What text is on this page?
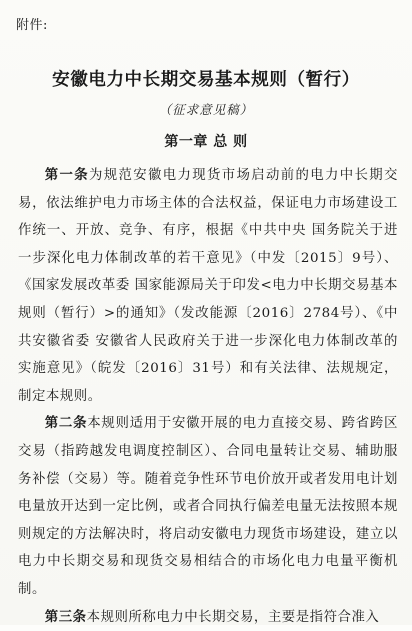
附件:
安徽电力中长期交易基本规则（暂行）
（征求意见稿）
第一章 总 则

第一条为规范安徽电力现货市场启动前的电力中长期交易，依法维护电力市场主体的合法权益，保证电力市场建设工作统一、开放、竞争、有序，根据《中共中央 国务院关于进一步深化电力体制改革的若干意见》（中发〔2015〕9号）、《国家发展改革委 国家能源局关于印发<电力中长期交易基本规则（暂行）>的通知》（发改能源〔2016〕2784号）、《中共安徽省委 安徽省人民政府关于进一步深化电力体制改革的实施意见》（皖发〔2016〕31号）和有关法律、法规规定，制定本规则。

第二条本规则适用于安徽开展的电力直接交易、跨省跨区交易（指跨越发电调度控制区）、合同电量转让交易、辅助服务补偿（交易）等。随着竞争性环节电价放开或者发用电计划电量放开达到一定比例，或者合同执行偏差电量无法按照本规则规定的方法解决时，将启动安徽电力现货市场建设，建立以电力中长期交易和现货交易相结合的市场化电力电量平衡机制。

第三条本规则所称电力中长期交易，主要是指符合准入
